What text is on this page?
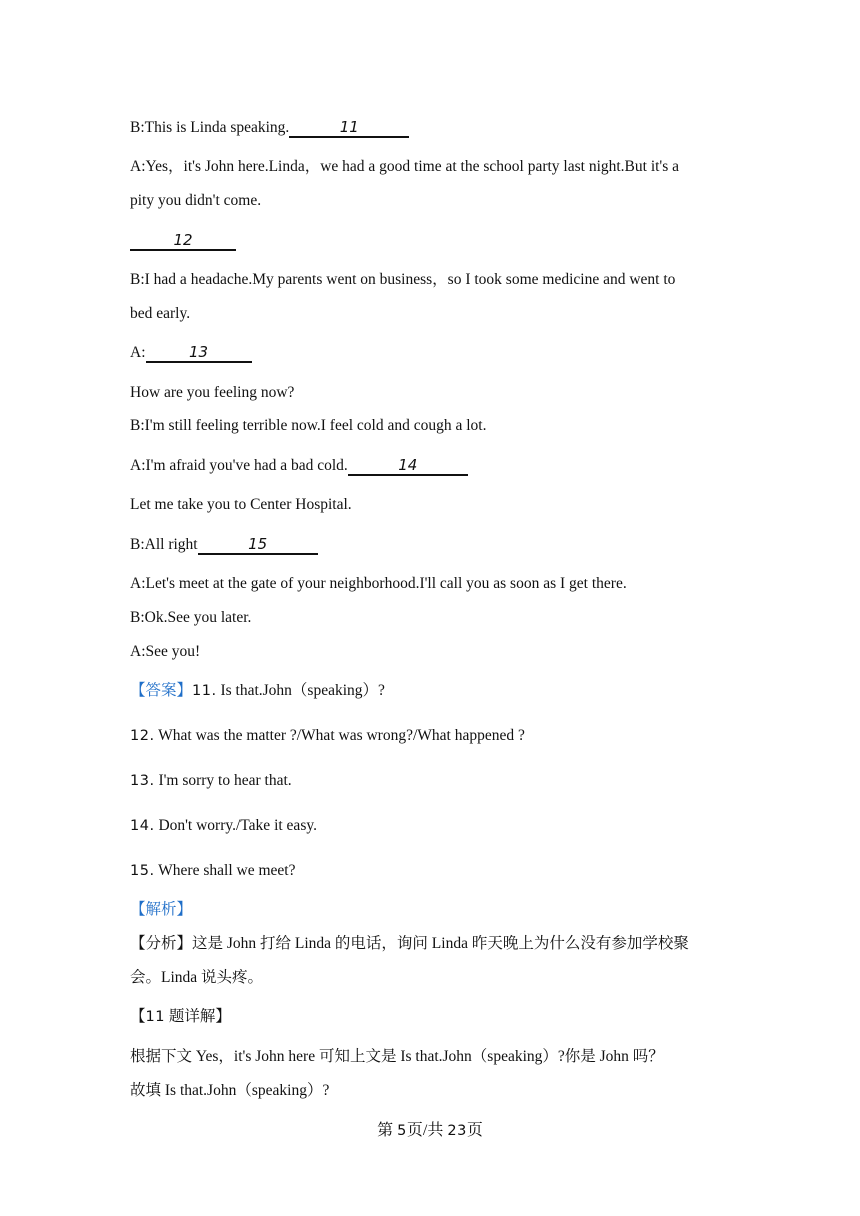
B:This is Linda speaking.	11
A:Yes，it's John here.Linda，we had a good time at the school party last night.But it's a
pity you didn't come.
12
B:I had a headache.My parents went on business，so I took some medicine and went to
bed early.
A:	13
How are you feeling now?
B:I'm still feeling terrible now.I feel cold and cough a lot.
A:I'm afraid you've had a bad cold.	14
Let me take you to Center Hospital.
B:All right	15
A:Let's meet at the gate of your neighborhood.I'll call you as soon as I get there.
B:Ok.See you later.
A:See you!
【答案】11. Is that.John（speaking）?
12. What was the matter ?/What was wrong?/What happened ?
13. I'm sorry to hear that.
14. Don't worry./Take it easy.
15. Where shall we meet?
【解析】
【分析】这是 John 打给 Linda 的电话，询问 Linda 昨天晚上为什么没有参加学校聚
会。Linda 说头疼。
【11 题详解】
根据下文 Yes，it's John here 可知上文是 Is that.John（speaking）?你是 John 吗？
故填 Is that.John（speaking）?
第 5页/共 23页
